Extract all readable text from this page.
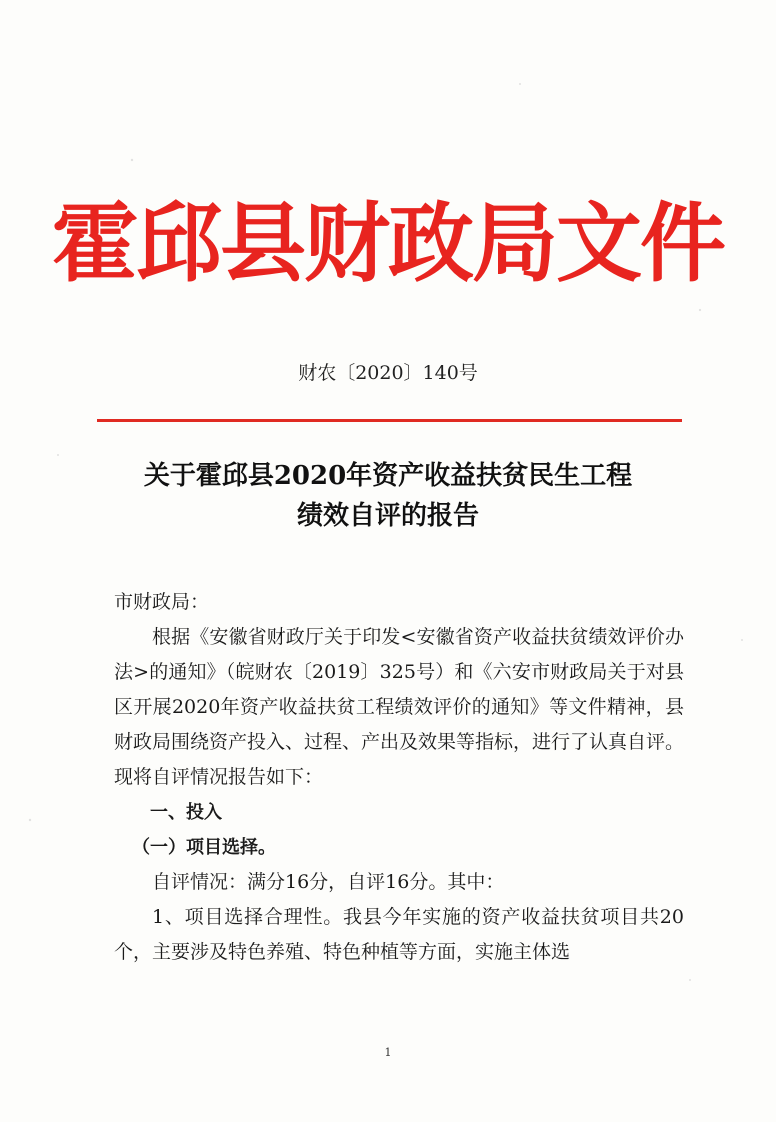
霍邱县财政局文件
财农〔2020〕140号
关于霍邱县2020年资产收益扶贫民生工程
绩效自评的报告

市财政局：

根据《安徽省财政厅关于印发<安徽省资产收益扶贫绩效评价办法>的通知》（皖财农〔2019〕325号）和《六安市财政局关于对县区开展2020年资产收益扶贫工程绩效评价的通知》等文件精神，县财政局围绕资产投入、过程、产出及效果等指标，进行了认真自评。现将自评情况报告如下：

一、投入

（一）项目选择。

自评情况：满分16分，自评16分。其中：

1、项目选择合理性。我县今年实施的资产收益扶贫项目共20个，主要涉及特色养殖、特色种植等方面，实施主体选

1
